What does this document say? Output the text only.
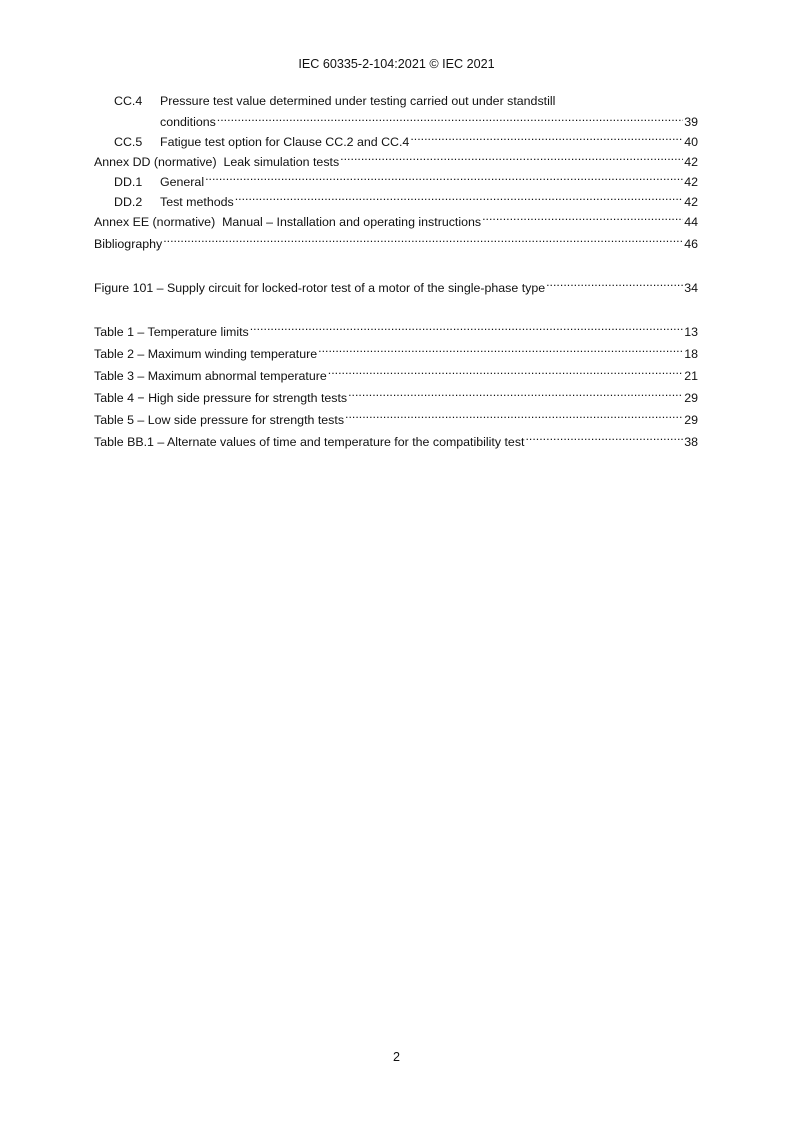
IEC 60335-2-104:2021 © IEC 2021
CC.4 Pressure test value determined under testing carried out under standstill
conditions .....	39
CC.5	Fatigue test option for Clause CC.2 and CC.4 .....	40
Annex DD (normative)  Leak simulation tests .....	42
DD.1	General .....	42
DD.2	Test methods .....	42
Annex EE (normative)  Manual – Installation and operating instructions .....	44
Bibliography .....	46
Figure 101 – Supply circuit for locked-rotor test of a motor of the single-phase type .....	34
Table 1 – Temperature limits .....	13
Table 2 – Maximum winding temperature .....	18
Table 3 – Maximum abnormal temperature .....	21
Table 4 − High side pressure for strength tests .....	29
Table 5 – Low side pressure for strength tests .....	29
Table BB.1 – Alternate values of time and temperature for the compatibility test .....	38
2
